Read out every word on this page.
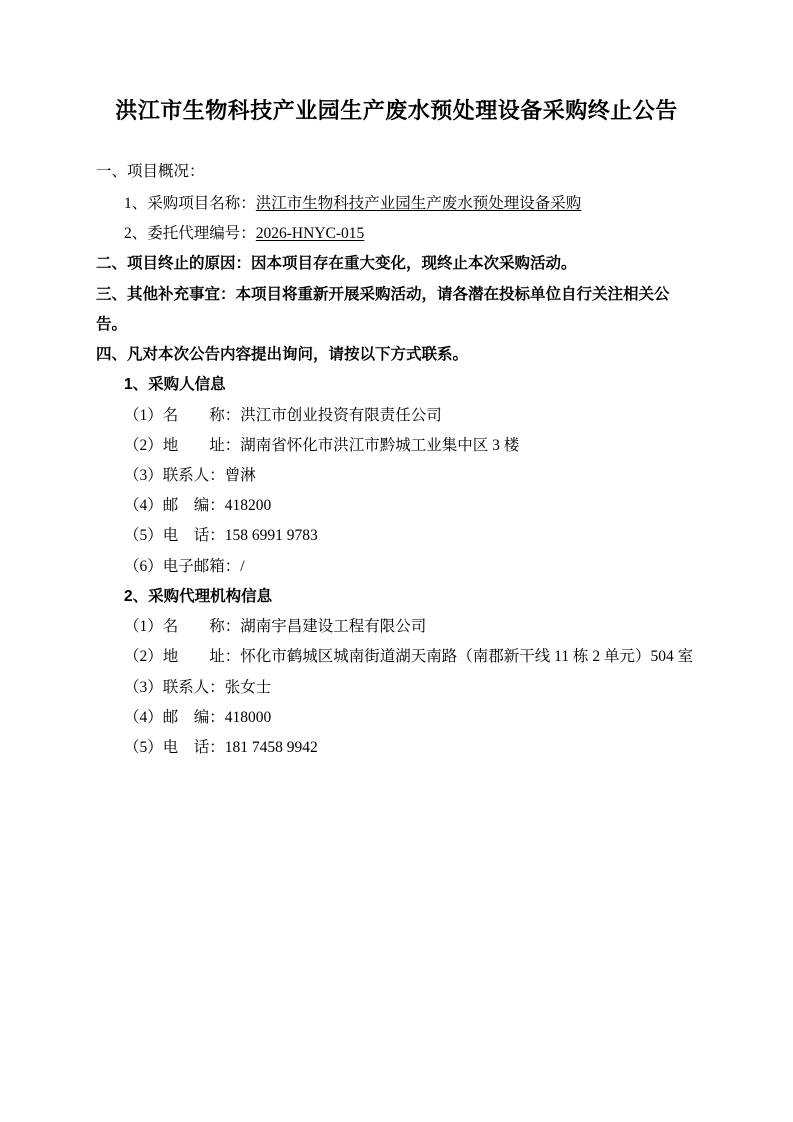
洪江市生物科技产业园生产废水预处理设备采购终止公告

一、项目概况：

1、采购项目名称：洪江市生物科技产业园生产废水预处理设备采购

2、委托代理编号：2026-HNYC-015

二、项目终止的原因：因本项目存在重大变化，现终止本次采购活动。

三、其他补充事宜：本项目将重新开展采购活动，请各潜在投标单位自行关注相关公告。

四、凡对本次公告内容提出询问，请按以下方式联系。

1、采购人信息

（1）名　　称：洪江市创业投资有限责任公司

（2）地　　址：湖南省怀化市洪江市黔城工业集中区 3 楼

（3）联系人：曾淋

（4）邮　编：418200

（5）电　话：158 6991 9783

（6）电子邮箱：/

2、采购代理机构信息

（1）名　　称：湖南宇昌建设工程有限公司

（2）地　　址：怀化市鹤城区城南街道湖天南路（南郡新干线 11 栋 2 单元）504 室

（3）联系人：张女士

（4）邮　编：418000

（5）电　话：181 7458 9942
